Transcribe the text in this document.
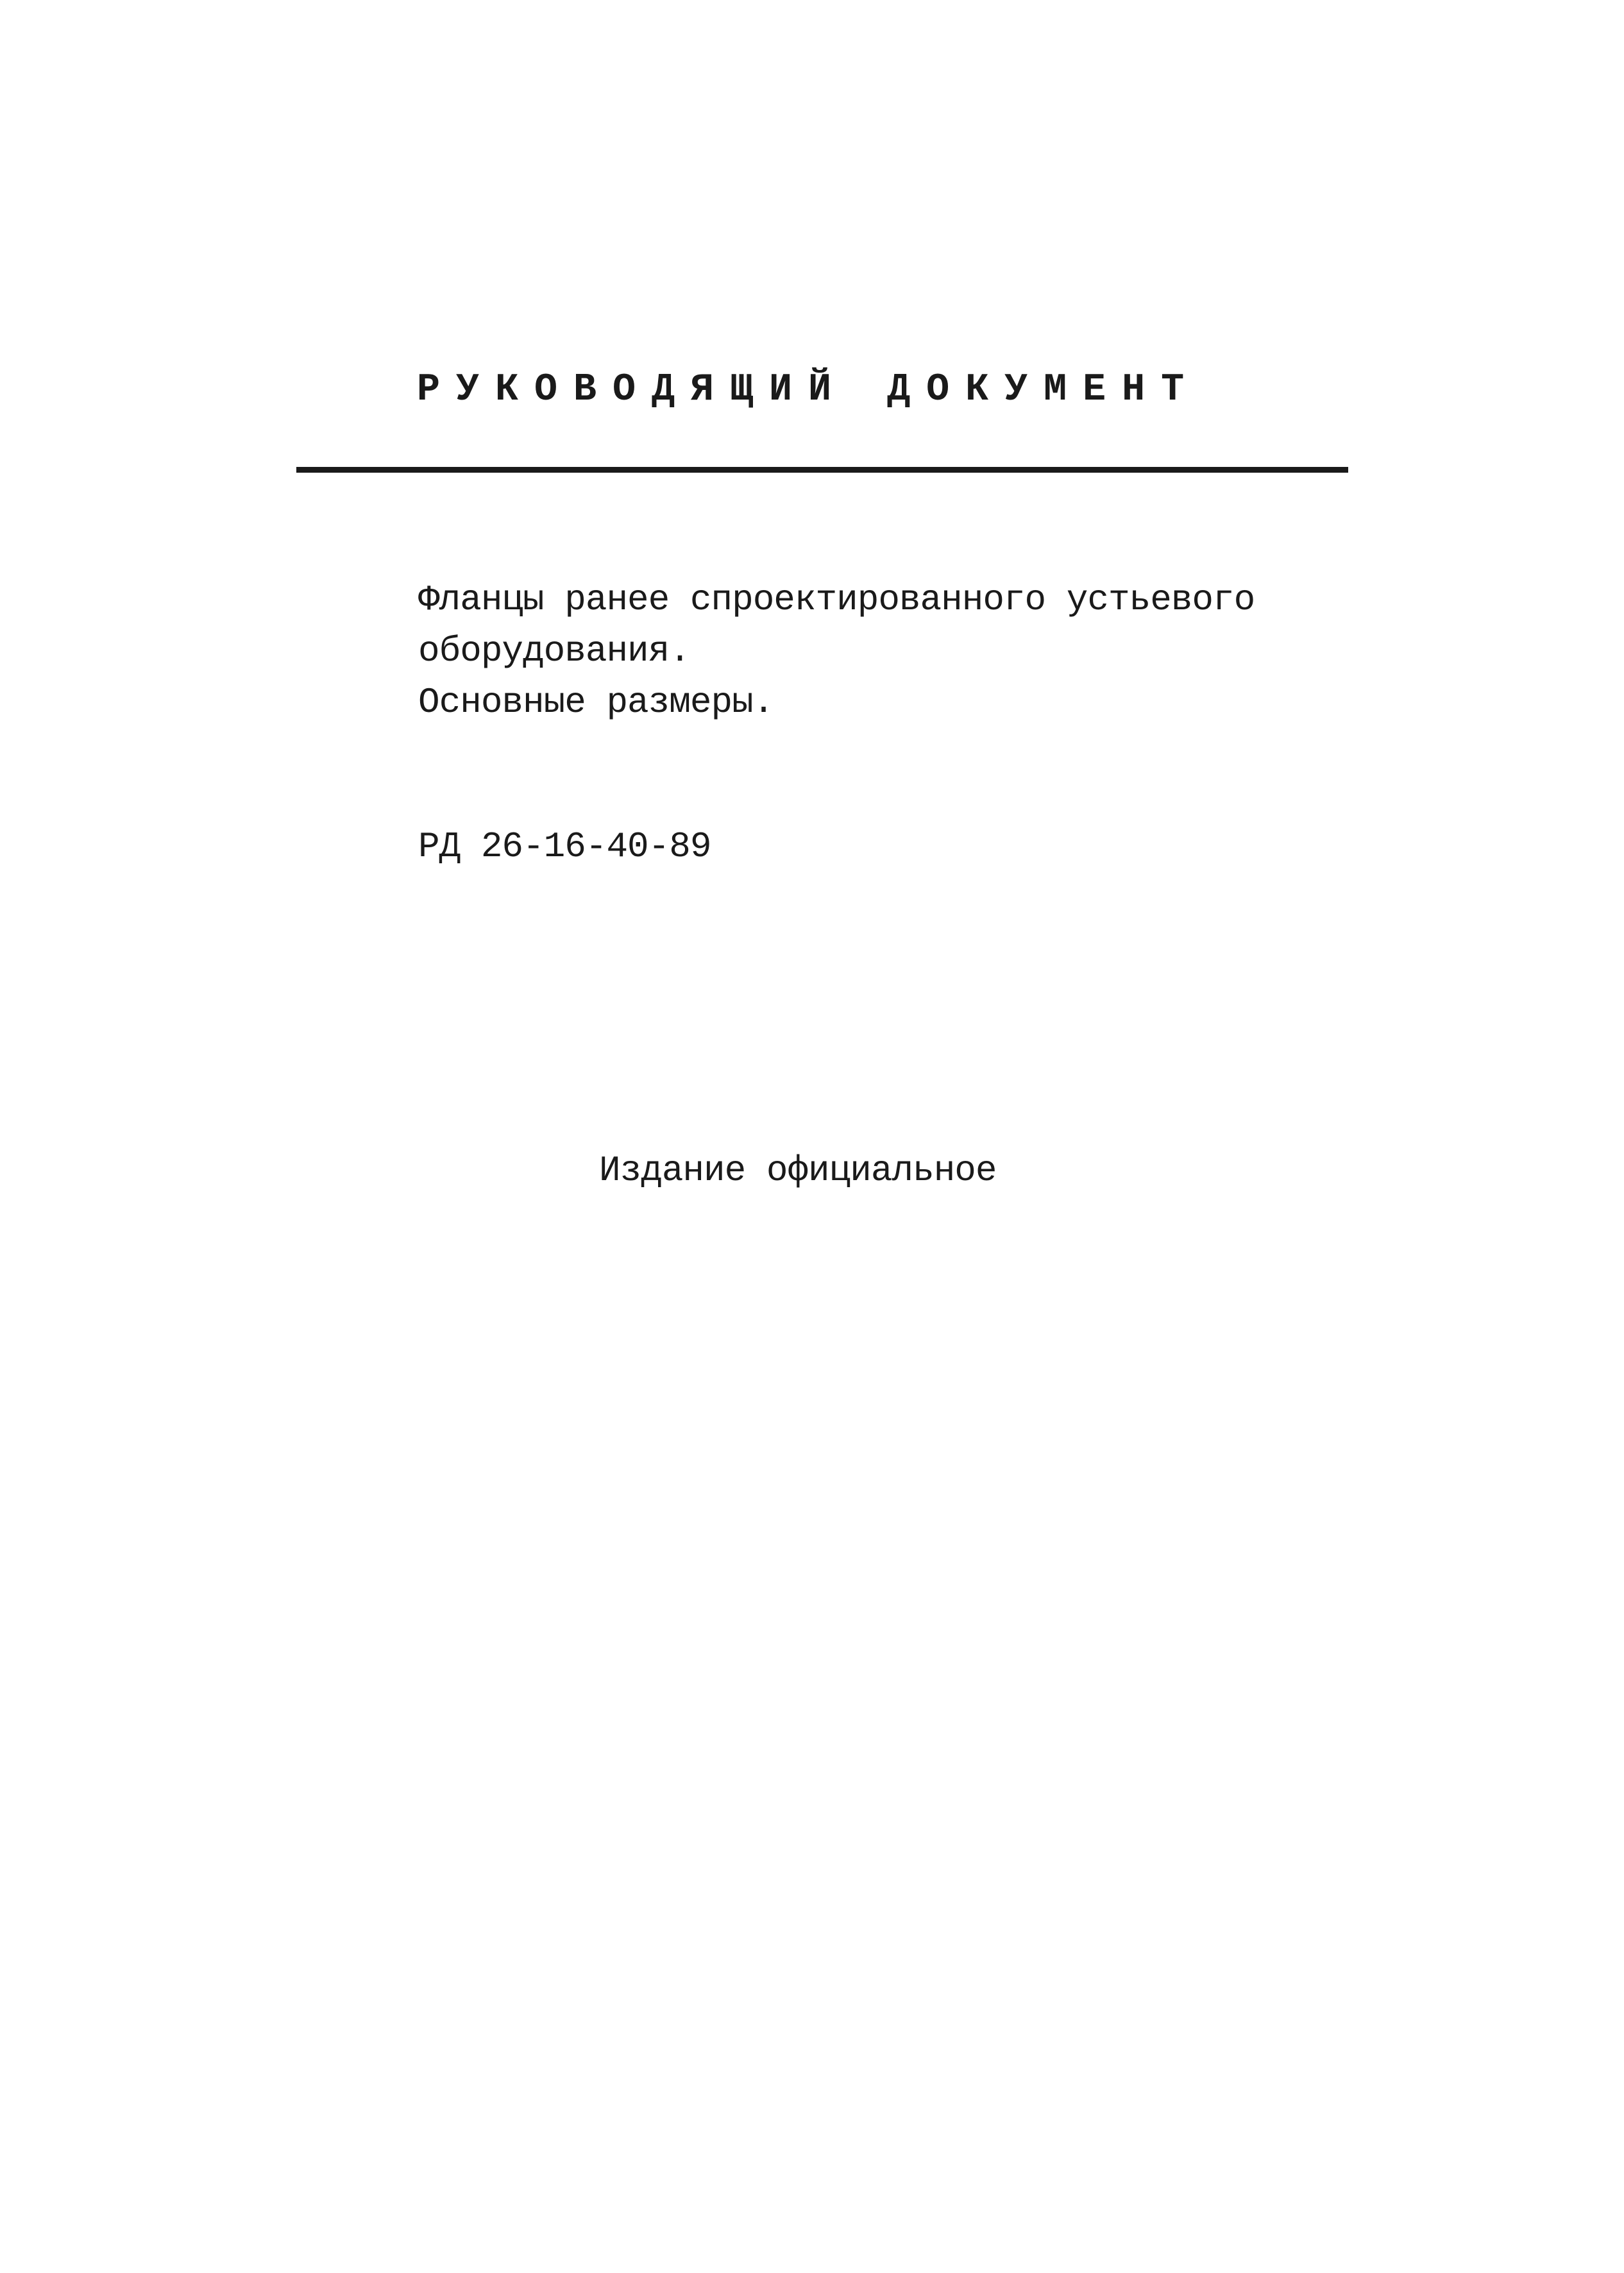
РУКОВОДЯЩИЙ ДОКУМЕНТ
Фланцы ранее спроектированного устьевого
оборудования.
Основные размеры.
РД 26-16-40-89
Издание официальное
